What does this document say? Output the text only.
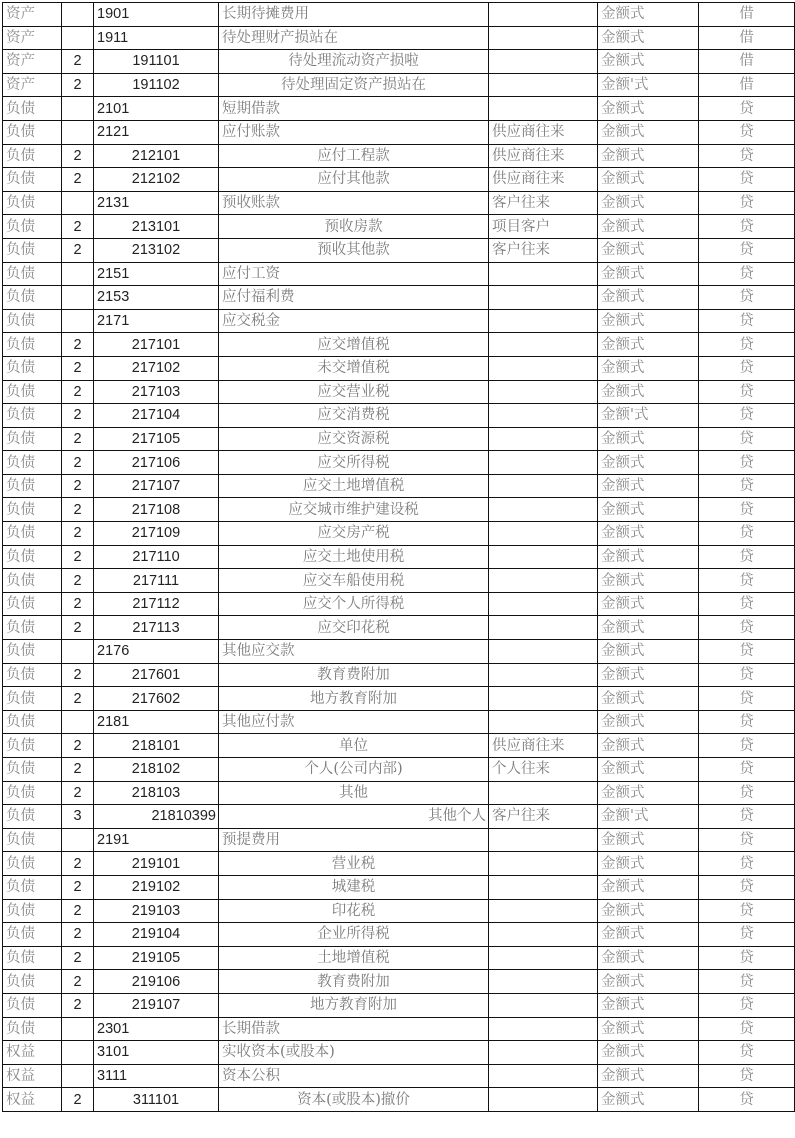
资产		1901	长期待摊费用		金额式	借
资产		1911	待处理财产损站在		金额式	借
资产	2	191101	待处理流动资产损啦		金额式	借
资产	2	191102	待处理固定资产损站在		金额'式	借
负债		2101	短期借款		金额式	贷
负债		2121	应付账款	供应商往来	金额式	贷
负债	2	212101	应付工程款	供应商往来	金额式	贷
负债	2	212102	应付其他款	供应商往来	金额式	贷
负债		2131	预收账款	客户往来	金额式	贷
负债	2	213101	预收房款	项目客户	金额式	贷
负债	2	213102	预收其他款	客户往来	金额式	贷
负债		2151	应付工资		金额式	贷
负债		2153	应付福利费		金额式	贷
负债		2171	应交税金		金额式	贷
负债	2	217101	应交增值税		金额式	贷
负债	2	217102	未交增值税		金额式	贷
负债	2	217103	应交营业税		金额式	贷
负债	2	217104	应交消费税		金额'式	贷
负债	2	217105	应交资源税		金额式	贷
负债	2	217106	应交所得税		金额式	贷
负债	2	217107	应交土地增值税		金额式	贷
负债	2	217108	应交城市维护建设税		金额式	贷
负债	2	217109	应交房产税		金额式	贷
负债	2	217110	应交土地使用税		金额式	贷
负债	2	217111	应交车船使用税		金额式	贷
负债	2	217112	应交个人所得税		金额式	贷
负债	2	217113	应交印花税		金额式	贷
负债		2176	其他应交款		金额式	贷
负债	2	217601	教育费附加		金额式	贷
负债	2	217602	地方教育附加		金额式	贷
负债		2181	其他应付款		金额式	贷
负债	2	218101	单位	供应商往来	金额式	贷
负债	2	218102	个人(公司内部)	个人往来	金额式	贷
负债	2	218103	其他		金额式	贷
负债	3	21810399	其他个人	客户往来	金额'式	贷
负债		2191	预提费用		金额式	贷
负债	2	219101	营业税		金额式	贷
负债	2	219102	城建税		金额式	贷
负债	2	219103	印花税		金额式	贷
负债	2	219104	企业所得税		金额式	贷
负债	2	219105	土地增值税		金额式	贷
负债	2	219106	教育费附加		金额式	贷
负债	2	219107	地方教育附加		金额式	贷
负债		2301	长期借款		金额式	贷
权益		3101	实收资本(或股本)		金额式	贷
权益		3111	资本公积		金额式	贷
权益	2	311101	资本(或股本)撤价		金额式	贷
